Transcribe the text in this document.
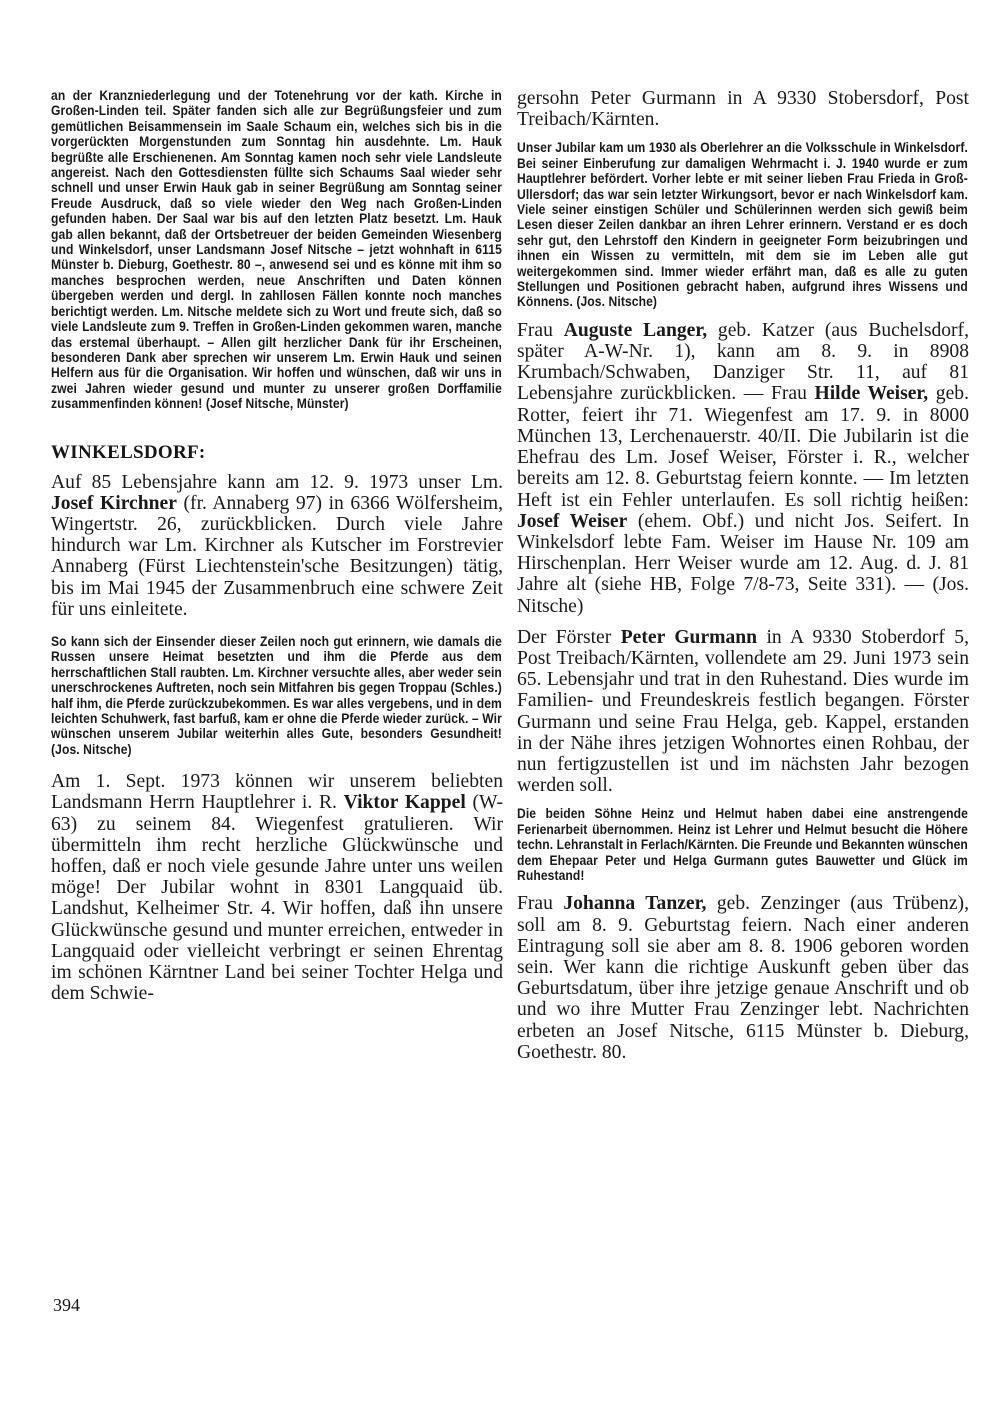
an der Kranzniederlegung und der Totenehrung vor der kath. Kirche in Großen-Linden teil. Später fanden sich alle zur Begrüßungsfeier und zum gemütlichen Beisammensein im Saale Schaum ein, welches sich bis in die vorgerückten Morgenstunden zum Sonntag hin ausdehnte. Lm. Hauk begrüßte alle Erschienenen. Am Sonntag kamen noch sehr viele Landsleute angereist. Nach den Gottesdiensten füllte sich Schaums Saal wieder sehr schnell und unser Erwin Hauk gab in seiner Begrüßung am Sonntag seiner Freude Ausdruck, daß so viele wieder den Weg nach Großen-Linden gefunden haben. Der Saal war bis auf den letzten Platz besetzt. Lm. Hauk gab allen bekannt, daß der Ortsbetreuer der beiden Gemeinden Wiesenberg und Winkelsdorf, unser Landsmann Josef Nitsche – jetzt wohnhaft in 6115 Münster b. Dieburg, Goethestr. 80 –, anwesend sei und es könne mit ihm so manches besprochen werden, neue Anschriften und Daten können übergeben werden und dergl. In zahllosen Fällen konnte noch manches berichtigt werden. Lm. Nitsche meldete sich zu Wort und freute sich, daß so viele Landsleute zum 9. Treffen in Großen-Linden gekommen waren, manche das erstemal überhaupt. – Allen gilt herzlicher Dank für ihr Erscheinen, besonderen Dank aber sprechen wir unserem Lm. Erwin Hauk und seinen Helfern aus für die Organisation. Wir hoffen und wünschen, daß wir uns in zwei Jahren wieder gesund und munter zu unserer großen Dorffamilie zusammenfinden können! (Josef Nitsche, Münster)

WINKELSDORF:

Auf 85 Lebensjahre kann am 12. 9. 1973 unser Lm. Josef Kirchner (fr. Annaberg 97) in 6366 Wölfersheim, Wingertstr. 26, zurückblicken. Durch viele Jahre hindurch war Lm. Kirchner als Kutscher im Forstrevier Annaberg (Fürst Liechtenstein'sche Besitzungen) tätig, bis im Mai 1945 der Zusammenbruch eine schwere Zeit für uns einleitete.

So kann sich der Einsender dieser Zeilen noch gut erinnern, wie damals die Russen unsere Heimat besetzten und ihm die Pferde aus dem herrschaftlichen Stall raubten. Lm. Kirchner versuchte alles, aber weder sein unerschrockenes Auftreten, noch sein Mitfahren bis gegen Troppau (Schles.) half ihm, die Pferde zurückzubekommen. Es war alles vergebens, und in dem leichten Schuhwerk, fast barfuß, kam er ohne die Pferde wieder zurück. – Wir wünschen unserem Jubilar weiterhin alles Gute, besonders Gesundheit! (Jos. Nitsche)

Am 1. Sept. 1973 können wir unserem beliebten Landsmann Herrn Hauptlehrer i. R. Viktor Kappel (W-63) zu seinem 84. Wiegenfest gratulieren. Wir übermitteln ihm recht herzliche Glückwünsche und hoffen, daß er noch viele gesunde Jahre unter uns weilen möge! Der Jubilar wohnt in 8301 Langquaid üb. Landshut, Kelheimer Str. 4. Wir hoffen, daß ihn unsere Glückwünsche gesund und munter erreichen, entweder in Langquaid oder vielleicht verbringt er seinen Ehrentag im schönen Kärntner Land bei seiner Tochter Helga und dem Schwie-

gersohn Peter Gurmann in A 9330 Stobersdorf, Post Treibach/Kärnten.

Unser Jubilar kam um 1930 als Oberlehrer an die Volksschule in Winkelsdorf. Bei seiner Einberufung zur damaligen Wehrmacht i. J. 1940 wurde er zum Hauptlehrer befördert. Vorher lebte er mit seiner lieben Frau Frieda in Groß-Ullersdorf; das war sein letzter Wirkungsort, bevor er nach Winkelsdorf kam. Viele seiner einstigen Schüler und Schülerinnen werden sich gewiß beim Lesen dieser Zeilen dankbar an ihren Lehrer erinnern. Verstand er es doch sehr gut, den Lehrstoff den Kindern in geeigneter Form beizubringen und ihnen ein Wissen zu vermitteln, mit dem sie im Leben alle gut weitergekommen sind. Immer wieder erfährt man, daß es alle zu guten Stellungen und Positionen gebracht haben, aufgrund ihres Wissens und Könnens. (Jos. Nitsche)

Frau Auguste Langer, geb. Katzer (aus Buchelsdorf, später A-W-Nr. 1), kann am 8. 9. in 8908 Krumbach/Schwaben, Danziger Str. 11, auf 81 Lebensjahre zurückblicken. — Frau Hilde Weiser, geb. Rotter, feiert ihr 71. Wiegenfest am 17. 9. in 8000 München 13, Lerchenauerstr. 40/II. Die Jubilarin ist die Ehefrau des Lm. Josef Weiser, Förster i. R., welcher bereits am 12. 8. Geburtstag feiern konnte. — Im letzten Heft ist ein Fehler unterlaufen. Es soll richtig heißen: Josef Weiser (ehem. Obf.) und nicht Jos. Seifert. In Winkelsdorf lebte Fam. Weiser im Hause Nr. 109 am Hirschenplan. Herr Weiser wurde am 12. Aug. d. J. 81 Jahre alt (siehe HB, Folge 7/8-73, Seite 331). — (Jos. Nitsche)

Der Förster Peter Gurmann in A 9330 Stoberdorf 5, Post Treibach/Kärnten, vollendete am 29. Juni 1973 sein 65. Lebensjahr und trat in den Ruhestand. Dies wurde im Familien- und Freundeskreis festlich begangen. Förster Gurmann und seine Frau Helga, geb. Kappel, erstanden in der Nähe ihres jetzigen Wohnortes einen Rohbau, der nun fertigzustellen ist und im nächsten Jahr bezogen werden soll.

Die beiden Söhne Heinz und Helmut haben dabei eine anstrengende Ferienarbeit übernommen. Heinz ist Lehrer und Helmut besucht die Höhere techn. Lehranstalt in Ferlach/Kärnten. Die Freunde und Bekannten wünschen dem Ehepaar Peter und Helga Gurmann gutes Bauwetter und Glück im Ruhestand!

Frau Johanna Tanzer, geb. Zenzinger (aus Trübenz), soll am 8. 9. Geburtstag feiern. Nach einer anderen Eintragung soll sie aber am 8. 8. 1906 geboren worden sein. Wer kann die richtige Auskunft geben über das Geburtsdatum, über ihre jetzige genaue Anschrift und ob und wo ihre Mutter Frau Zenzinger lebt. Nachrichten erbeten an Josef Nitsche, 6115 Münster b. Dieburg, Goethestr. 80.

394
